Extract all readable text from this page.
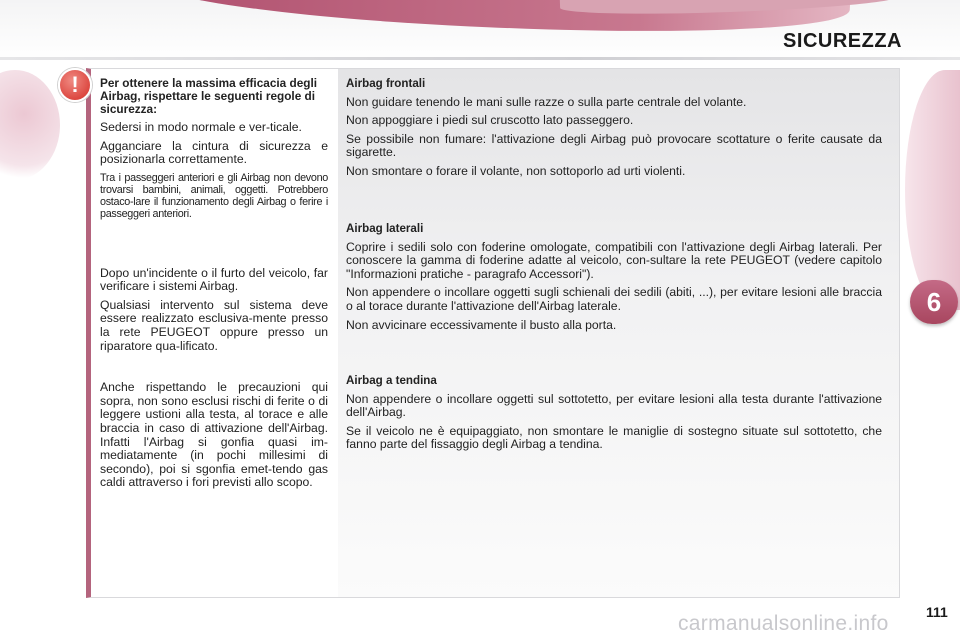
SICUREZZA
6
!	Per ottenere la massima efficacia degli Airbag, rispettare le seguenti regole di sicurezza:

Sedersi in modo normale e ver-ticale.

Agganciare la cintura di sicurezza e posizionarla correttamente.

Tra i passeggeri anteriori e gli Airbag non devono trovarsi bambini, animali, oggetti. Potrebbero ostaco-lare il funzionamento degli Airbag o ferire i passeggeri anteriori.

Dopo un'incidente o il furto del veicolo, far verificare i sistemi Airbag.

Qualsiasi intervento sul sistema deve essere realizzato esclusiva-mente presso la rete PEUGEOT oppure presso un riparatore qua-lificato.

Anche rispettando le precauzioni qui sopra, non sono esclusi rischi di ferite o di leggere ustioni alla testa, al torace e alle braccia in caso di attivazione dell'Airbag. Infatti l'Airbag si gonfia quasi im-mediatamente (in pochi millesimi di secondo), poi si sgonfia emet-tendo gas caldi attraverso i fori previsti allo scopo.

Airbag frontali

Non guidare tenendo le mani sulle razze o sulla parte centrale del volante.

Non appoggiare i piedi sul cruscotto lato passeggero.

Se possibile non fumare: l'attivazione degli Airbag può provocare scottature o ferite causate da sigarette.

Non smontare o forare il volante, non sottoporlo ad urti violenti.

Airbag laterali

Coprire i sedili solo con foderine omologate, compatibili con l'attivazione degli Airbag laterali. Per conoscere la gamma di foderine adatte al veicolo, con-sultare la rete PEUGEOT (vedere capitolo "Informazioni pratiche - paragrafo Accessori").

Non appendere o incollare oggetti sugli schienali dei sedili (abiti, ...), per evitare lesioni alle braccia o al torace durante l'attivazione dell'Airbag laterale.

Non avvicinare eccessivamente il busto alla porta.

Airbag a tendina

Non appendere o incollare oggetti sul sottotetto, per evitare lesioni alla testa durante l'attivazione dell'Airbag.

Se il veicolo ne è equipaggiato, non smontare le maniglie di sostegno situate sul sottotetto, che fanno parte del fissaggio degli Airbag a tendina.

111
carmanualsonline.info
